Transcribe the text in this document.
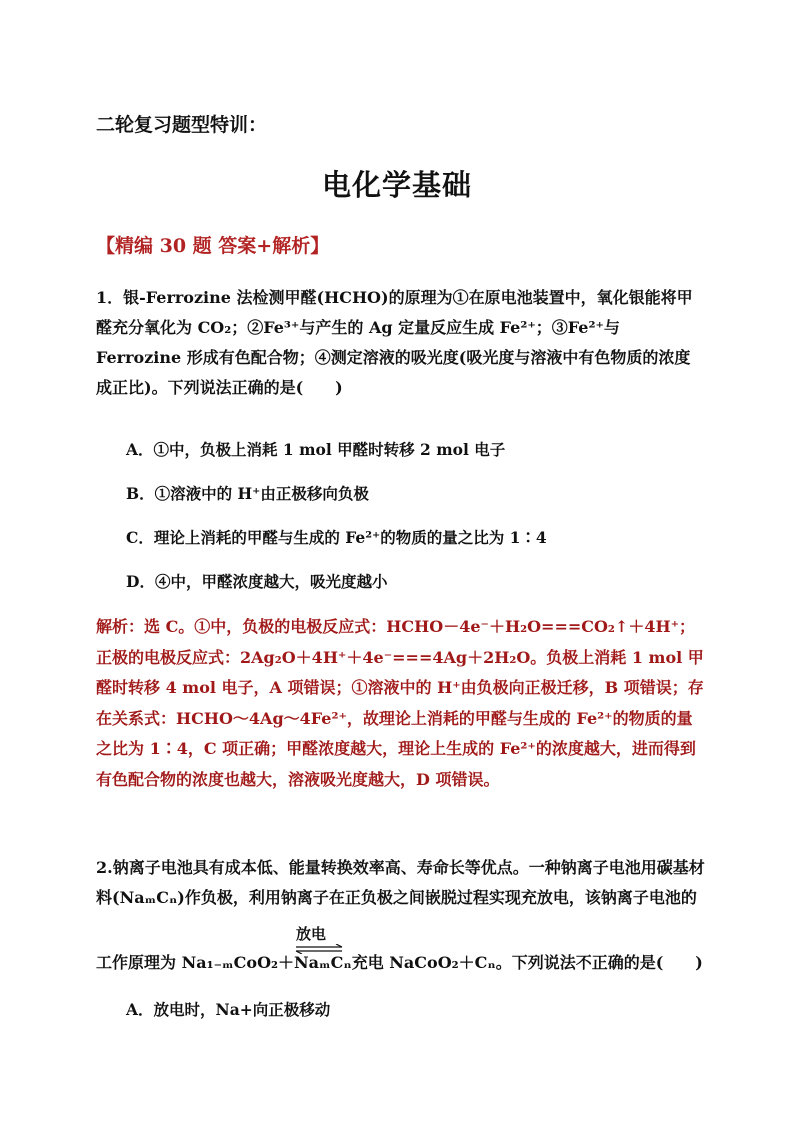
二轮复习题型特训：
电化学基础
【精编 30 题 答案+解析】
1．银-Ferrozine 法检测甲醛(HCHO)的原理为①在原电池装置中，氧化银能将甲醛充分氧化为 CO₂；②Fe³⁺与产生的 Ag 定量反应生成 Fe²⁺；③Fe²⁺与 Ferrozine 形成有色配合物；④测定溶液的吸光度(吸光度与溶液中有色物质的浓度成正比)。下列说法正确的是(　　)
A．①中，负极上消耗 1 mol 甲醛时转移 2 mol 电子
B．①溶液中的 H⁺由正极移向负极
C．理论上消耗的甲醛与生成的 Fe²⁺的物质的量之比为 1∶4
D．④中，甲醛浓度越大，吸光度越小
解析：选 C。①中，负极的电极反应式：HCHO－4e⁻＋H₂O===CO₂↑＋4H⁺；正极的电极反应式：2Ag₂O＋4H⁺＋4e⁻===4Ag＋2H₂O。负极上消耗 1 mol 甲醛时转移 4 mol 电子，A 项错误；①溶液中的 H⁺由负极向正极迁移，B 项错误；存在关系式：HCHO～4Ag～4Fe²⁺，故理论上消耗的甲醛与生成的 Fe²⁺的物质的量之比为 1∶4，C 项正确；甲醛浓度越大，理论上生成的 Fe²⁺的浓度越大，进而得到有色配合物的浓度也越大，溶液吸光度越大，D 项错误。
2.钠离子电池具有成本低、能量转换效率高、寿命长等优点。一种钠离子电池用碳基材料(NaₘCₙ)作负极，利用钠离子在正负极之间嵌脱过程实现充放电，该钠离子电池的
工作原理为 Na₁₋ₘCoO₂＋NaₘCₙ充电 NaCoO₂＋Cₙ。下列说法不正确的是(　　)
放电
A．放电时，Na+向正极移动
